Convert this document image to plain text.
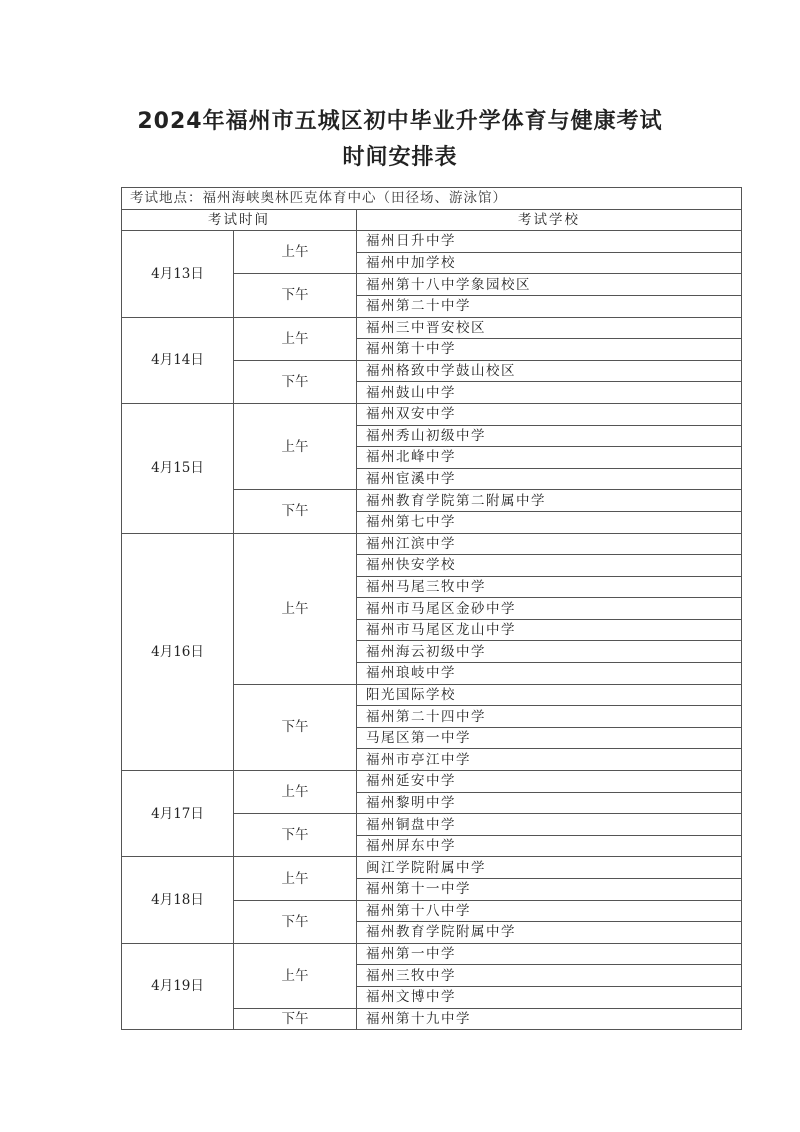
2024年福州市五城区初中毕业升学体育与健康考试
时间安排表
考试地点：福州海峡奥林匹克体育中心（田径场、游泳馆）		
考试时间		考试学校
4月13日	上午	福州日升中学
		福州中加学校
	下午	福州第十八中学象园校区
		福州第二十中学
4月14日	上午	福州三中晋安校区
		福州第十中学
	下午	福州格致中学鼓山校区
		福州鼓山中学
4月15日	上午	福州双安中学
		福州秀山初级中学
		福州北峰中学
		福州宦溪中学
	下午	福州教育学院第二附属中学
		福州第七中学
4月16日	上午	福州江滨中学
		福州快安学校
		福州马尾三牧中学
		福州市马尾区金砂中学
		福州市马尾区龙山中学
		福州海云初级中学
		福州琅岐中学
	下午	阳光国际学校
		福州第二十四中学
		马尾区第一中学
		福州市亭江中学
4月17日	上午	福州延安中学
		福州黎明中学
	下午	福州铜盘中学
		福州屏东中学
4月18日	上午	闽江学院附属中学
		福州第十一中学
	下午	福州第十八中学
		福州教育学院附属中学
4月19日	上午	福州第一中学
		福州三牧中学
		福州文博中学
	下午	福州第十九中学
